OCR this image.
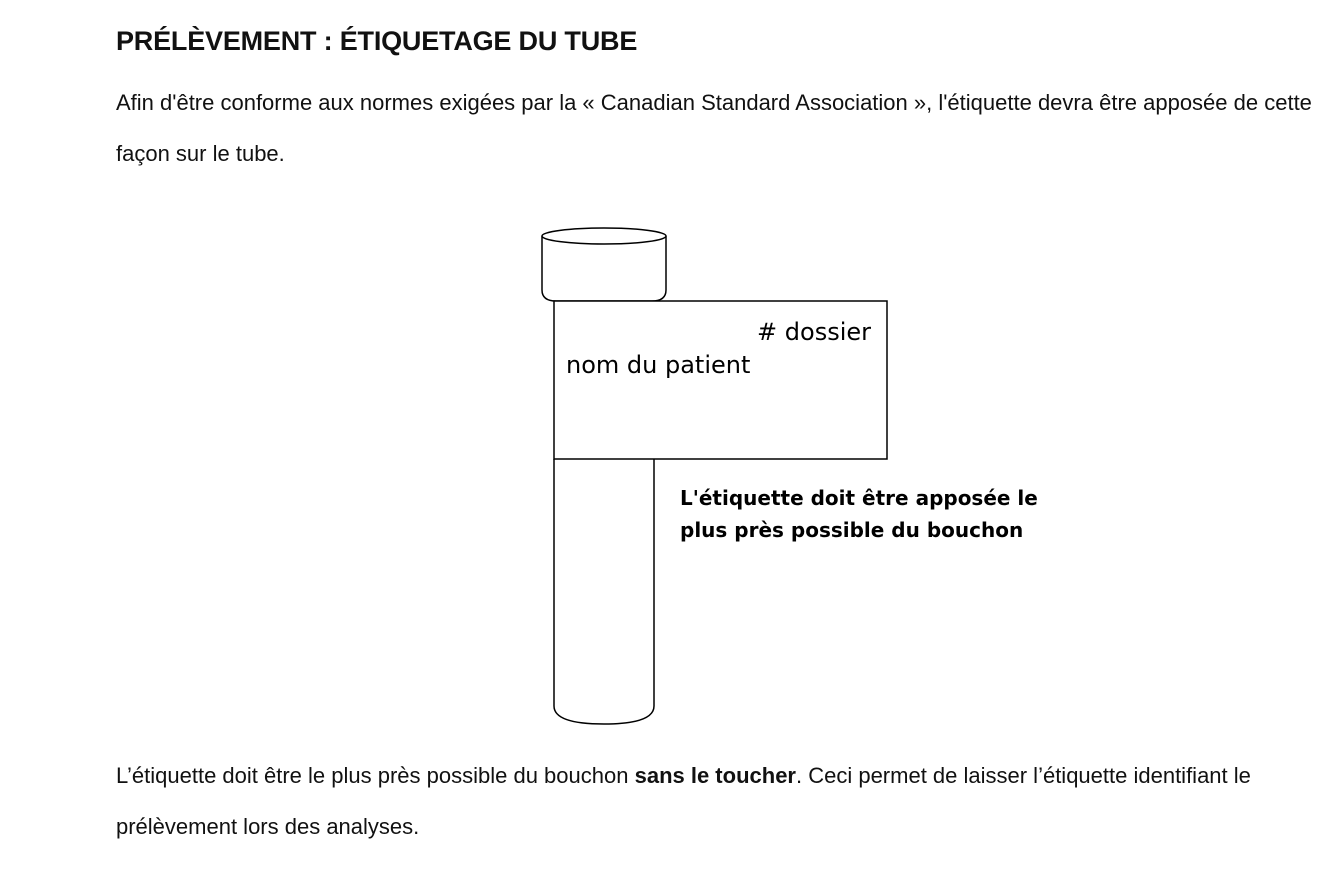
PRÉLÈVEMENT : ÉTIQUETAGE DU TUBE

Afin d'être conforme aux normes exigées par la « Canadian Standard Association », l'étiquette devra être apposée de cette façon sur le tube.

# dossier
nom du patient
L'étiquette doit être apposée le
plus près possible du bouchon

L’étiquette doit être le plus près possible du bouchon sans le toucher. Ceci permet de laisser l’étiquette identifiant le prélèvement lors des analyses.
